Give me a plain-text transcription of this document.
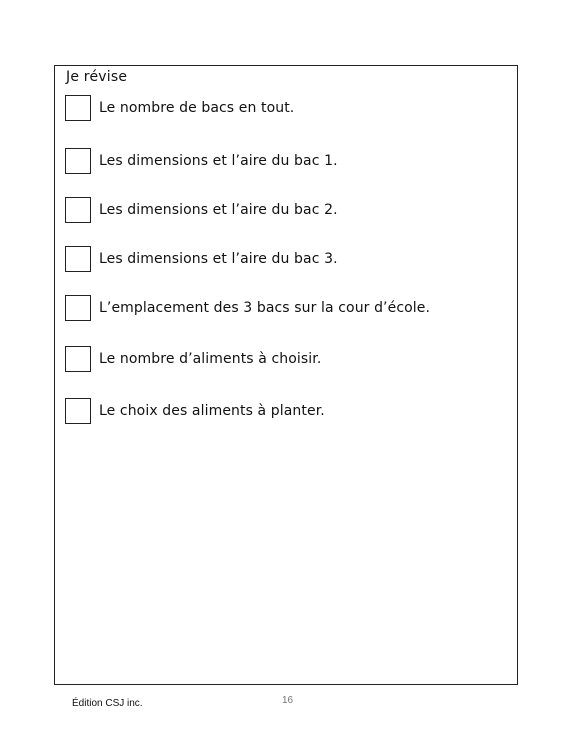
Je révise
Le nombre de bacs en tout.
Les dimensions et l’aire du bac 1.
Les dimensions et l’aire du bac 2.
Les dimensions et l’aire du bac 3.
L’emplacement des 3 bacs sur la cour d’école.
Le nombre d’aliments à choisir.
Le choix des aliments à planter.
Édition CSJ inc.	16
